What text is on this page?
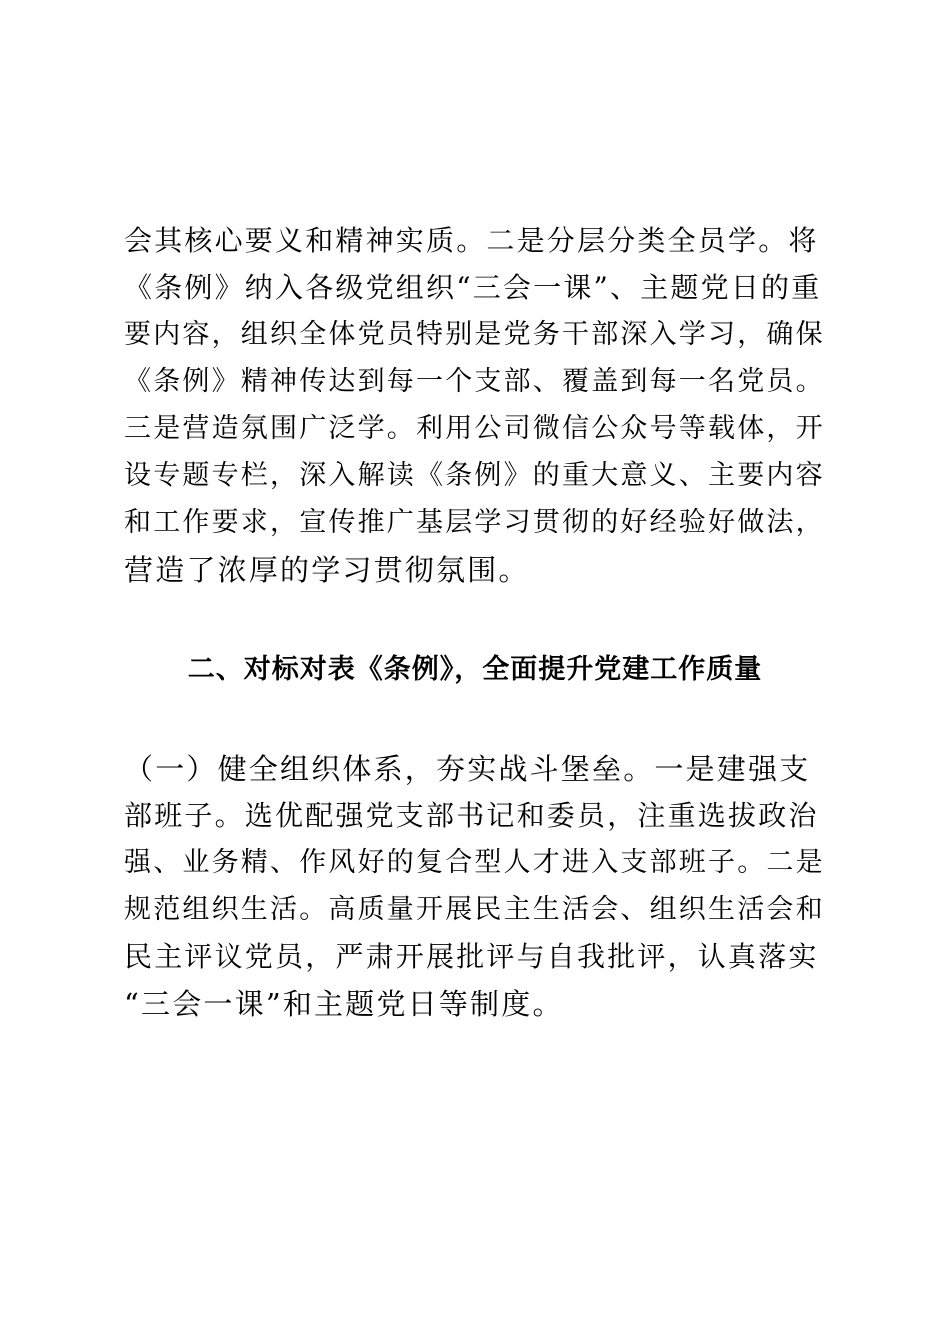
会其核心要义和精神实质。二是分层分类全员学。将
《条例》纳入各级党组织“三会一课”、主题党日的重
要内容，组织全体党员特别是党务干部深入学习，确保
《条例》精神传达到每一个支部、覆盖到每一名党员。
三是营造氛围广泛学。利用公司微信公众号等载体，开
设专题专栏，深入解读《条例》的重大意义、主要内容
和工作要求，宣传推广基层学习贯彻的好经验好做法，
营造了浓厚的学习贯彻氛围。
二、对标对表《条例》，全面提升党建工作质量
（一）健全组织体系，夯实战斗堡垒。一是建强支
部班子。选优配强党支部书记和委员，注重选拔政治
强、业务精、作风好的复合型人才进入支部班子。二是
规范组织生活。高质量开展民主生活会、组织生活会和
民主评议党员，严肃开展批评与自我批评，认真落实
“三会一课”和主题党日等制度。
